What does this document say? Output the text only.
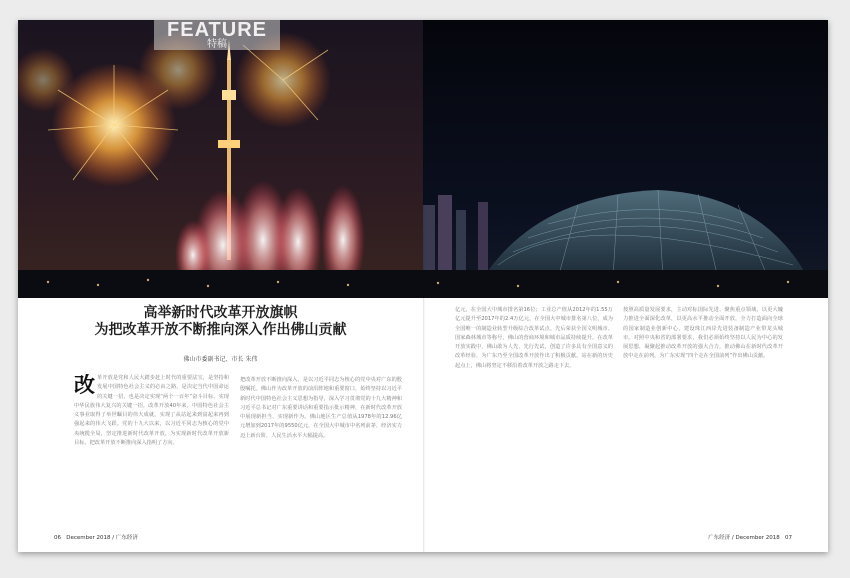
FEATURE
特稿
高举新时代改革开放旗帜
为把改革开放不断推向深入作出佛山贡献
佛山市委副书记、市长 朱伟
改 革开放是党和人民大踏步赶上时代的重要法宝，是坚持和发展中国特色社会主义的必由之路，是决定当代中国命运的关键一招，也是决定实现“两个一百年”奋斗目标、实现中华民族伟大复兴的关键一招。改革开放40年来，中国特色社会主义事业取得了举世瞩目的伟大成就，实现了从站起来到富起来再到强起来的伟大飞跃。党的十九大以来，以习近平同志为核心的党中央统揽全局，坚定推进新时代改革开放，为实现新时代改革开放新目标、把改革开放不断推向深入指明了方向。
把改革开放不断推向深入，是以习近平同志为核心的党中央对广东的殷殷嘱托。佛山作为改革开放的前沿阵地和重要窗口，始终坚持以习近平新时代中国特色社会主义思想为指导，深入学习贯彻党的十九大精神和习近平总书记对广东重要讲话和重要指示批示精神，在新时代改革开放中展现新担当、实现新作为。佛山地区生产总值从1978年的12.96亿元增加到2017年的9550亿元，在全国大中城市中名列前茅，经济实力迈上新台阶，人民生活水平大幅提高。
亿元，在全国大中城市排名第16位；工业总产值从2012年的1.55万亿元提升至2017年的2.4万亿元，在全国大中城市排名第八位，成为全国唯一的制造业转型升级综合改革试点。先后荣获全国文明城市、国家森林城市等称号，佛山的营商环境和城市品质持续提升。在改革开放实践中，佛山敢为人先、先行先试，创造了许多具有全国意义的改革经验，为广东乃至全国改革开放作出了积极贡献。站在新的历史起点上，佛山将坚定不移沿着改革开放之路走下去。
按照高质量发展要求，主动对标国际先进、聚焦重点领域，以更大魄力推进全面深化改革，以更高水平推动全面开放，全力打造面向全球的国家制造业创新中心，建设珠江西岸先进装备制造产业带龙头城市。对照中央和省的部署要求，我们必须始终坚持以人民为中心的发展思想，凝聚起推动改革开放的强大合力，推动佛山在新时代改革开放中走在前列，为广东实现“四个走在全国前列”作出佛山贡献。
06 December 2018 / 广东经济	广东经济 / December 2018 07
